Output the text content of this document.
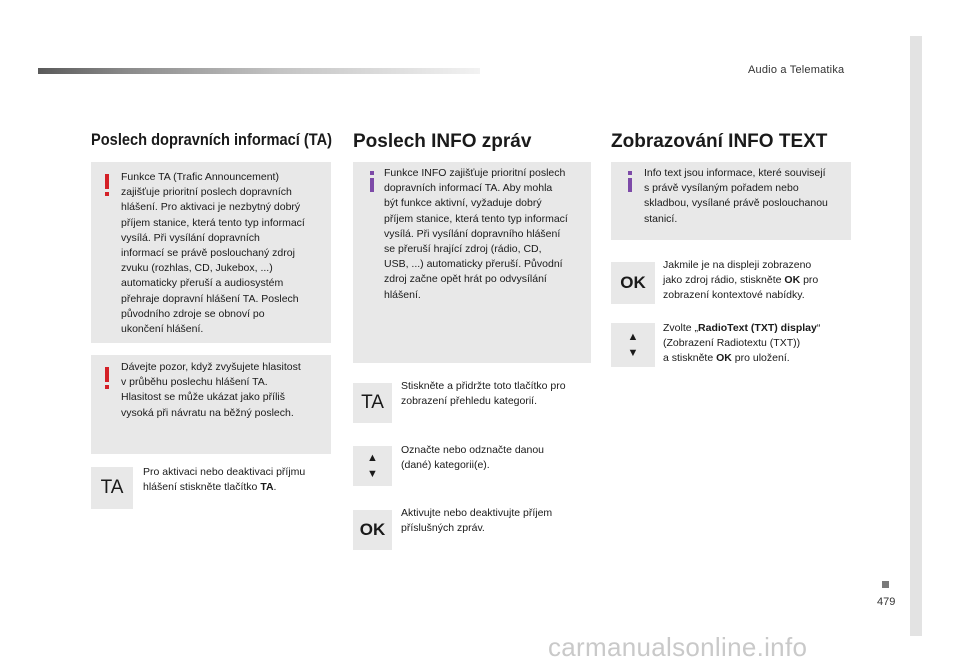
Audio a Telematika
479
carmanualsonline.info
Poslech dopravních informací (TA)
Funkce TA (Trafic Announcement)
zajišťuje prioritní poslech dopravních
hlášení. Pro aktivaci je nezbytný dobrý
příjem stanice, která tento typ informací
vysílá. Při vysílání dopravních
informací se právě poslouchaný zdroj
zvuku (rozhlas, CD, Jukebox, ...)
automaticky přeruší a audiosystém
přehraje dopravní hlášení TA. Poslech
původního zdroje se obnoví po
ukončení hlášení.
Dávejte pozor, když zvyšujete hlasitost
v průběhu poslechu hlášení TA.
Hlasitost se může ukázat jako příliš
vysoká při návratu na běžný poslech.
TA
Pro aktivaci nebo deaktivaci příjmu
hlášení stiskněte tlačítko TA.
Poslech INFO zpráv
Funkce INFO zajišťuje prioritní poslech
dopravních informací TA. Aby mohla
být funkce aktivní, vyžaduje dobrý
příjem stanice, která tento typ informací
vysílá. Při vysílání dopravního hlášení
se přeruší hrající zdroj (rádio, CD,
USB, ...) automaticky přeruší. Původní
zdroj začne opět hrát po odvysílání
hlášení.
TA
Stiskněte a přidržte toto tlačítko pro
zobrazení přehledu kategorií.
▲
▼
Označte nebo odznačte danou
(dané) kategorii(e).
OK
Aktivujte nebo deaktivujte příjem
příslušných zpráv.
Zobrazování INFO TEXT
Info text jsou informace, které souvisejí
s právě vysílaným pořadem nebo
skladbou, vysílané právě poslouchanou
stanicí.
OK
Jakmile je na displeji zobrazeno
jako zdroj rádio, stiskněte OK pro
zobrazení kontextové nabídky.
▲
▼
Zvolte „RadioText (TXT) display“
(Zobrazení Radiotextu (TXT))
a stiskněte OK pro uložení.
